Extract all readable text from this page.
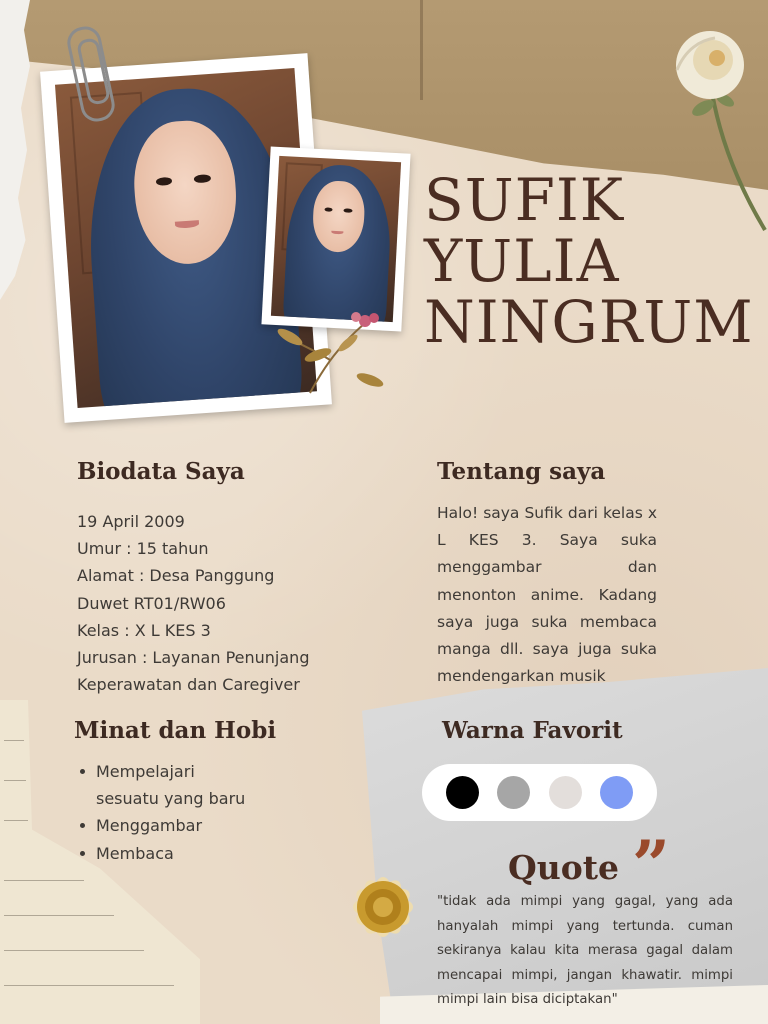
SUFIK
YULIA
NINGRUM
Biodata Saya
19 April 2009
Umur : 15 tahun
Alamat : Desa Panggung
Duwet RT01/RW06
Kelas : X L KES 3
Jurusan : Layanan Penunjang
Keperawatan dan Caregiver
Tentang saya
Halo! saya Sufik dari kelas x L KES 3. Saya suka menggambar dan menonton anime. Kadang saya juga suka membaca manga dll. saya juga suka mendengarkan musik
Minat dan Hobi
Mempelajari
sesuatu yang baru
Menggambar
Membaca
Warna Favorit
Quote ”
"tidak ada mimpi yang gagal, yang ada hanyalah mimpi yang tertunda. cuman sekiranya kalau kita merasa gagal dalam mencapai mimpi, jangan khawatir. mimpi mimpi lain bisa diciptakan"
